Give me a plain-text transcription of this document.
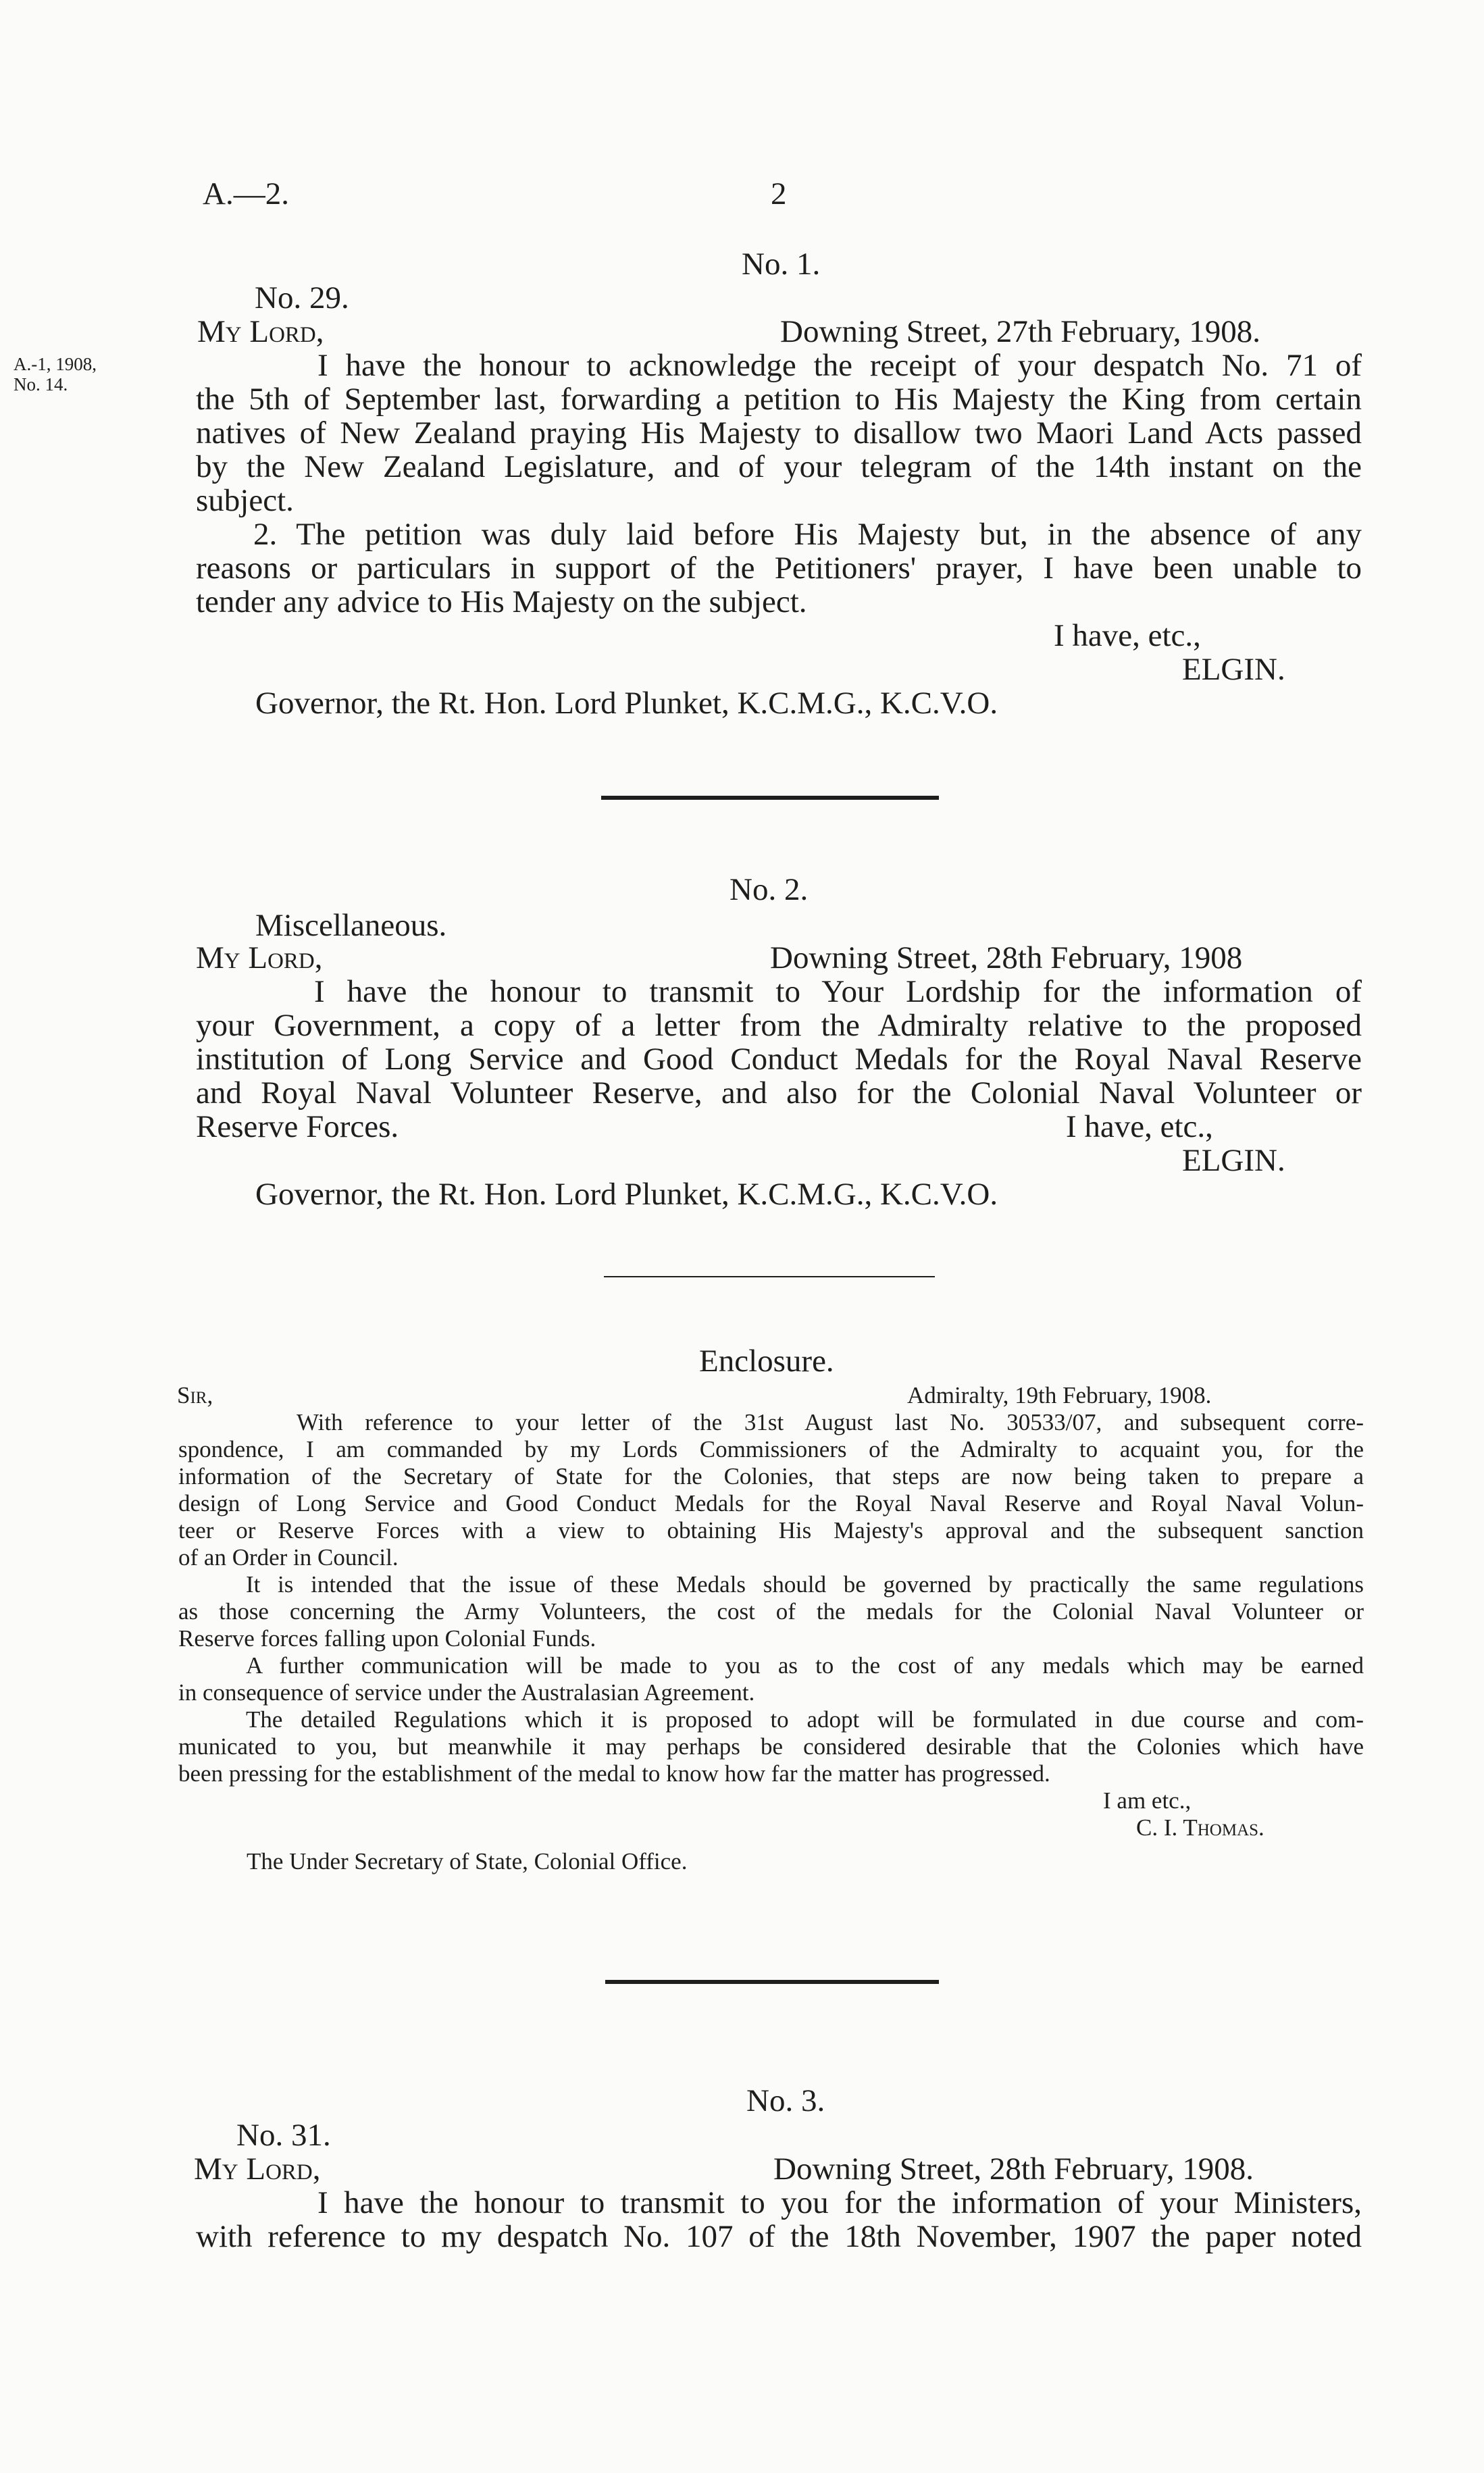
A.—2.	2
No. 1.
No. 29.
My Lord,	Downing Street, 27th February, 1908.
A.-1, 1908,
No. 14.
I have the honour to acknowledge the receipt of your despatch No. 71 of
the 5th of September last, forwarding a petition to His Majesty the King from certain
natives of New Zealand praying His Majesty to disallow two Maori Land Acts passed
by the New Zealand Legislature, and of your telegram of the 14th instant on the
subject.
2. The petition was duly laid before His Majesty but, in the absence of any
reasons or particulars in support of the Petitioners' prayer, I have been unable to
tender any advice to His Majesty on the subject.
I have, etc.,
ELGIN.
Governor, the Rt. Hon. Lord Plunket, K.C.M.G., K.C.V.O.
No. 2.
Miscellaneous.
My Lord,	Downing Street, 28th February, 1908
I have the honour to transmit to Your Lordship for the information of
your Government, a copy of a letter from the Admiralty relative to the proposed
institution of Long Service and Good Conduct Medals for the Royal Naval Reserve
and Royal Naval Volunteer Reserve, and also for the Colonial Naval Volunteer or
Reserve Forces.	I have, etc.,
ELGIN.
Governor, the Rt. Hon. Lord Plunket, K.C.M.G., K.C.V.O.
Enclosure.
Sir,	Admiralty, 19th February, 1908.
With reference to your letter of the 31st August last No. 30533/07, and subsequent corre-
spondence, I am commanded by my Lords Commissioners of the Admiralty to acquaint you, for the
information of the Secretary of State for the Colonies, that steps are now being taken to prepare a
design of Long Service and Good Conduct Medals for the Royal Naval Reserve and Royal Naval Volun-
teer or Reserve Forces with a view to obtaining His Majesty's approval and the subsequent sanction
of an Order in Council.
It is intended that the issue of these Medals should be governed by practically the same regulations
as those concerning the Army Volunteers, the cost of the medals for the Colonial Naval Volunteer or
Reserve forces falling upon Colonial Funds.
A further communication will be made to you as to the cost of any medals which may be earned
in consequence of service under the Australasian Agreement.
The detailed Regulations which it is proposed to adopt will be formulated in due course and com-
municated to you, but meanwhile it may perhaps be considered desirable that the Colonies which have
been pressing for the establishment of the medal to know how far the matter has progressed.
I am etc.,
C. I. Thomas.
The Under Secretary of State, Colonial Office.
No. 3.
No. 31.
My Lord,	Downing Street, 28th February, 1908.
I have the honour to transmit to you for the information of your Ministers,
with reference to my despatch No. 107 of the 18th November, 1907 the paper noted
